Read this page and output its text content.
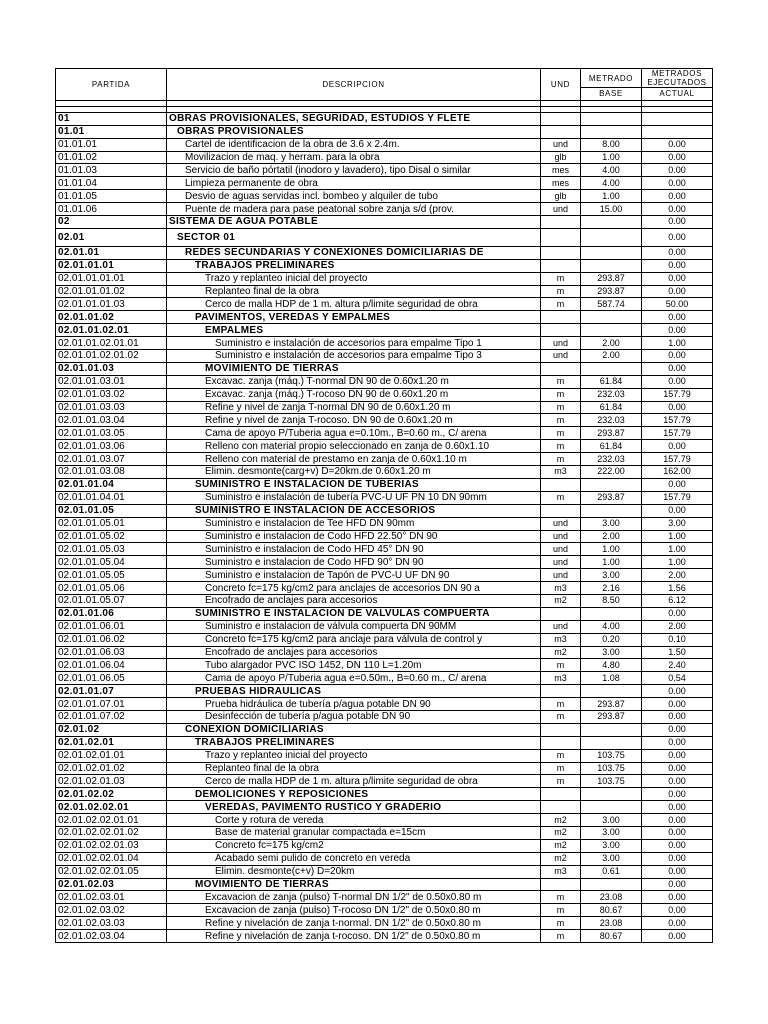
PARTIDA	DESCRIPCION	UND	METRADO	METRADOS EJECUTADOS
			BASE	ACTUAL

01	OBRAS PROVISIONALES, SEGURIDAD, ESTUDIOS Y FLETE			
01.01	OBRAS PROVISIONALES			
01.01.01	Cartel de identificacion de la obra de 3.6 x 2.4m.	und	8.00	0.00
01.01.02	Movilizacion de maq. y herram. para la obra	glb	1.00	0.00
01.01.03	Servicio de baño pórtatil (inodoro y lavadero), tipo Disal o similar	mes	4.00	0.00
01.01.04	Limpieza permanente de obra	mes	4.00	0.00
01.01.05	Desvio de aguas servidas incl. bombeo y alquiler de tubo	glb	1.00	0.00
01.01.06	Puente de madera para pase peatonal sobre zanja s/d (prov.	und	15.00	0.00
02	SISTEMA DE AGUA POTABLE			0.00
02.01	SECTOR 01			0.00
02.01.01	REDES SECUNDARIAS Y CONEXIONES DOMICILIARIAS DE			0.00
02.01.01.01	TRABAJOS PRELIMINARES			0.00
02.01.01.01.01	Trazo y replanteo inicial del proyecto	m	293.87	0.00
02.01.01.01.02	Replanteo final de la obra	m	293.87	0.00
02.01.01.01.03	Cerco de malla HDP de 1 m. altura p/limite seguridad de obra	m	587.74	50.00
02.01.01.02	PAVIMENTOS, VEREDAS Y EMPALMES			0.00
02.01.01.02.01	EMPALMES			0.00
02.01.01.02.01.01	Suministro e instalación de accesorios para empalme Tipo 1	und	2.00	1.00
02.01.01.02.01.02	Suministro e instalación de accesorios para empalme Tipo 3	und	2.00	0.00
02.01.01.03	MOVIMIENTO DE TIERRAS			0.00
02.01.01.03.01	Excavac. zanja (máq.) T-normal DN 90 de 0.60x1.20 m	m	61.84	0.00
02.01.01.03.02	Excavac. zanja (máq.) T-rocoso DN 90 de 0.60x1.20 m	m	232.03	157.79
02.01.01.03.03	Refine y nivel de zanja T-normal DN 90 de 0.60x1.20 m	m	61.84	0.00
02.01.01.03.04	Refine y nivel de zanja T-rocoso. DN 90 de 0.60x1.20 m	m	232.03	157.79
02.01.01.03.05	Cama de apoyo P/Tuberia agua e=0.10m., B=0.60 m., C/ arena	m	293.87	157.79
02.01.01.03.06	Relleno con material propio seleccionado en zanja de 0.60x1.10	m	61.84	0.00
02.01.01.03.07	Relleno con material de prestamo en zanja de 0.60x1.10 m	m	232.03	157.79
02.01.01.03.08	Elimin. desmonte(carg+v) D=20km.de 0.60x1.20 m	m3	222.00	162.00
02.01.01.04	SUMINISTRO E INSTALACION DE TUBERIAS			0.00
02.01.01.04.01	Suministro e instalación de tubería PVC-U UF PN 10 DN 90mm	m	293.87	157.79
02.01.01.05	SUMINISTRO E INSTALACION DE ACCESORIOS			0.00
02.01.01.05.01	Suministro e instalacion de Tee HFD DN 90mm	und	3.00	3.00
02.01.01.05.02	Suministro e instalacion de Codo HFD 22.50° DN 90	und	2.00	1.00
02.01.01.05.03	Suministro e instalacion de Codo HFD 45° DN 90	und	1.00	1.00
02.01.01.05.04	Suministro e instalacion de Codo HFD 90° DN 90	und	1.00	1.00
02.01.01.05.05	Suministro e instalacion de Tapón de PVC-U UF DN 90	und	3.00	2.00
02.01.01.05.06	Concreto fc=175 kg/cm2 para anclajes de accesorios DN 90 a	m3	2.16	1.56
02.01.01.05.07	Encofrado de anclajes para accesorios	m2	8.50	6.12
02.01.01.06	SUMINISTRO E INSTALACION DE VALVULAS COMPUERTA			0.00
02.01.01.06.01	Suministro e instalacion de válvula compuerta DN 90MM	und	4.00	2.00
02.01.01.06.02	Concreto fc=175 kg/cm2 para anclaje para válvula de control y	m3	0.20	0.10
02.01.01.06.03	Encofrado de anclajes para accesorios	m2	3.00	1.50
02.01.01.06.04	Tubo alargador PVC ISO 1452, DN 110 L=1.20m	m	4.80	2.40
02.01.01.06.05	Cama de apoyo P/Tuberia agua e=0.50m., B=0.60 m., C/ arena	m3	1.08	0.54
02.01.01.07	PRUEBAS HIDRAULICAS			0.00
02.01.01.07.01	Prueba hidráulica de tubería p/agua potable DN 90	m	293.87	0.00
02.01.01.07.02	Desinfección de tubería p/agua potable DN 90	m	293.87	0.00
02.01.02	CONEXION DOMICILIARIAS			0.00
02.01.02.01	TRABAJOS PRELIMINARES			0.00
02.01.02.01.01	Trazo y replanteo inicial del proyecto	m	103.75	0.00
02.01.02.01.02	Replanteo final de la obra	m	103.75	0.00
02.01.02.01.03	Cerco de malla HDP de 1 m. altura p/limite seguridad de obra	m	103.75	0.00
02.01.02.02	DEMOLICIONES Y REPOSICIONES			0.00
02.01.02.02.01	VEREDAS, PAVIMENTO RUSTICO Y GRADERIO			0.00
02.01.02.02.01.01	Corte y rotura de vereda	m2	3.00	0.00
02.01.02.02.01.02	Base de material granular compactada e=15cm	m2	3.00	0.00
02.01.02.02.01.03	Concreto fc=175 kg/cm2	m2	3.00	0.00
02.01.02.02.01.04	Acabado semi pulido de concreto en vereda	m2	3.00	0.00
02.01.02.02.01.05	Elimin. desmonte(c+v) D=20km	m3	0.61	0.00
02.01.02.03	MOVIMIENTO DE TIERRAS			0.00
02.01.02.03.01	Excavacion de zanja (pulso) T-normal DN 1/2" de 0.50x0.80 m	m	23.08	0.00
02.01.02.03.02	Excavacion de zanja (pulso) T-rocoso DN 1/2" de 0.50x0.80 m	m	80.67	0.00
02.01.02.03.03	Refine y nivelación de zanja t-normal. DN 1/2" de 0.50x0.80 m	m	23.08	0.00
02.01.02.03.04	Refine y nivelación de zanja t-rocoso. DN 1/2" de 0.50x0.80 m	m	80.67	0.00
